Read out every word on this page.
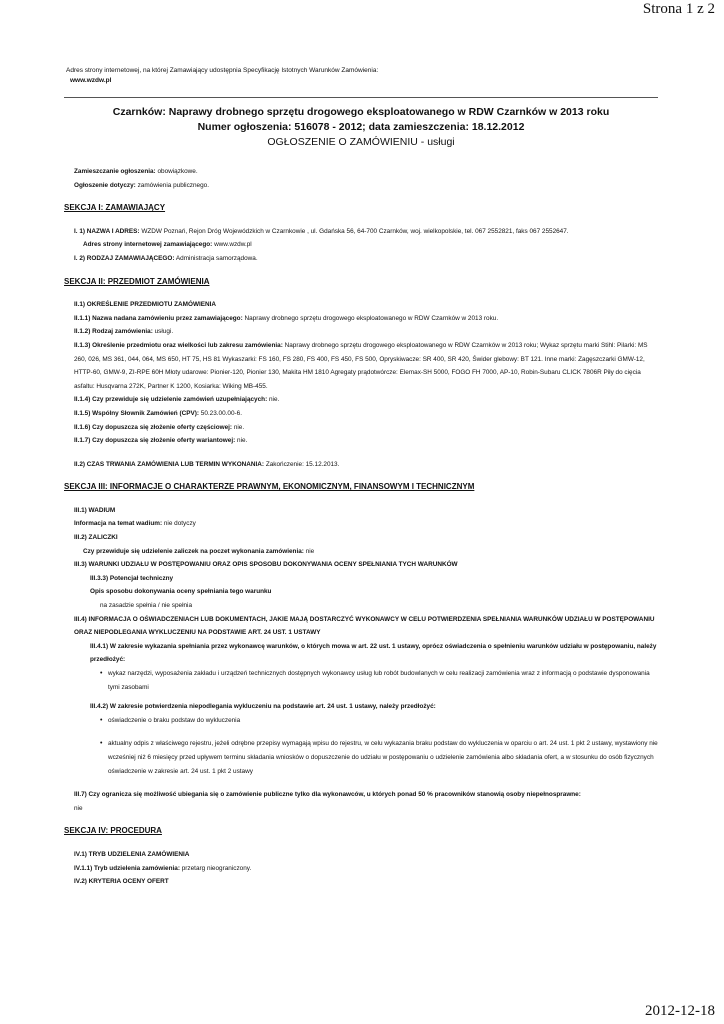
Strona 1 z 2
Adres strony internetowej, na której Zamawiający udostępnia Specyfikację Istotnych Warunków Zamówienia:
www.wzdw.pl
Czarnków: Naprawy drobnego sprzętu drogowego eksploatowanego w RDW Czarnków w 2013 roku
Numer ogłoszenia: 516078 - 2012; data zamieszczenia: 18.12.2012
OGŁOSZENIE O ZAMÓWIENIU - usługi

Zamieszczanie ogłoszenia: obowiązkowe.

Ogłoszenie dotyczy: zamówienia publicznego.

SEKCJA I: ZAMAWIAJĄCY

I. 1) NAZWA I ADRES: WZDW Poznań, Rejon Dróg Wojewódzkich w Czarnkowie , ul. Gdańska 56, 64-700 Czarnków, woj. wielkopolskie, tel. 067 2552821, faks 067 2552647.

Adres strony internetowej zamawiającego: www.wzdw.pl

I. 2) RODZAJ ZAMAWIAJĄCEGO: Administracja samorządowa.

SEKCJA II: PRZEDMIOT ZAMÓWIENIA

II.1) OKREŚLENIE PRZEDMIOTU ZAMÓWIENIA

II.1.1) Nazwa nadana zamówieniu przez zamawiającego: Naprawy drobnego sprzętu drogowego eksploatowanego w RDW Czarnków w 2013 roku.

II.1.2) Rodzaj zamówienia: usługi.

II.1.3) Określenie przedmiotu oraz wielkości lub zakresu zamówienia: Naprawy drobnego sprzętu drogowego eksploatowanego w RDW Czarnków w 2013 roku; Wykaz sprzętu marki Stihl: Pilarki: MS 260, 026, MS 361, 044, 064, MS 650, HT 75, HS 81 Wykaszarki: FS 160, FS 280, FS 400, FS 450, FS 500, Opryskiwacze: SR 400, SR 420, Świder glebowy: BT 121. Inne marki: Zagęszczarki GMW-12, HTTP-60, GMW-9, ZI-RPE 60H Młoty udarowe: Pionier-120, Pionier 130, Makita HM 1810 Agregaty prądotwórcze: Elemax-SH 5000, FOGO FH 7000, AP-10, Robin-Subaru CLICK 7806R Piły do cięcia asfaltu: Husqvarna 272K, Partner K 1200, Kosiarka: Wiking MB-455.

II.1.4) Czy przewiduje się udzielenie zamówień uzupełniających: nie.

II.1.5) Wspólny Słownik Zamówień (CPV): 50.23.00.00-6.

II.1.6) Czy dopuszcza się złożenie oferty częściowej: nie.

II.1.7) Czy dopuszcza się złożenie oferty wariantowej: nie.

II.2) CZAS TRWANIA ZAMÓWIENIA LUB TERMIN WYKONANIA: Zakończenie: 15.12.2013.

SEKCJA III: INFORMACJE O CHARAKTERZE PRAWNYM, EKONOMICZNYM, FINANSOWYM I TECHNICZNYM

III.1) WADIUM

Informacja na temat wadium: nie dotyczy

III.2) ZALICZKI

Czy przewiduje się udzielenie zaliczek na poczet wykonania zamówienia: nie

III.3) WARUNKI UDZIAŁU W POSTĘPOWANIU ORAZ OPIS SPOSOBU DOKONYWANIA OCENY SPEŁNIANIA TYCH WARUNKÓW

III.3.3) Potencjał techniczny

Opis sposobu dokonywania oceny spełniania tego warunku

na zasadzie spełnia / nie spełnia

III.4) INFORMACJA O OŚWIADCZENIACH LUB DOKUMENTACH, JAKIE MAJĄ DOSTARCZYĆ WYKONAWCY W CELU POTWIERDZENIA SPEŁNIANIA WARUNKÓW UDZIAŁU W POSTĘPOWANIU ORAZ NIEPODLEGANIA WYKLUCZENIU NA PODSTAWIE ART. 24 UST. 1 USTAWY

III.4.1) W zakresie wykazania spełniania przez wykonawcę warunków, o których mowa w art. 22 ust. 1 ustawy, oprócz oświadczenia o spełnieniu warunków udziału w postępowaniu, należy przedłożyć:

• wykaz narzędzi, wyposażenia zakładu i urządzeń technicznych dostępnych wykonawcy usług lub robót budowlanych w celu realizacji zamówienia wraz z informacją o podstawie dysponowania tymi zasobami

III.4.2) W zakresie potwierdzenia niepodlegania wykluczeniu na podstawie art. 24 ust. 1 ustawy, należy przedłożyć:

• oświadczenie o braku podstaw do wykluczenia
• aktualny odpis z właściwego rejestru, jeżeli odrębne przepisy wymagają wpisu do rejestru, w celu wykazania braku podstaw do wykluczenia w oparciu o art. 24 ust. 1 pkt 2 ustawy, wystawiony nie wcześniej niż 6 miesięcy przed upływem terminu składania wniosków o dopuszczenie do udziału w postępowaniu o udzielenie zamówienia albo składania ofert, a w stosunku do osób fizycznych oświadczenie w zakresie art. 24 ust. 1 pkt 2 ustawy

III.7) Czy ogranicza się możliwość ubiegania się o zamówienie publiczne tylko dla wykonawców, u których ponad 50 % pracowników stanowią osoby niepełnosprawne:

nie

SEKCJA IV: PROCEDURA

IV.1) TRYB UDZIELENIA ZAMÓWIENIA

IV.1.1) Tryb udzielenia zamówienia: przetarg nieograniczony.

IV.2) KRYTERIA OCENY OFERT

2012-12-18
